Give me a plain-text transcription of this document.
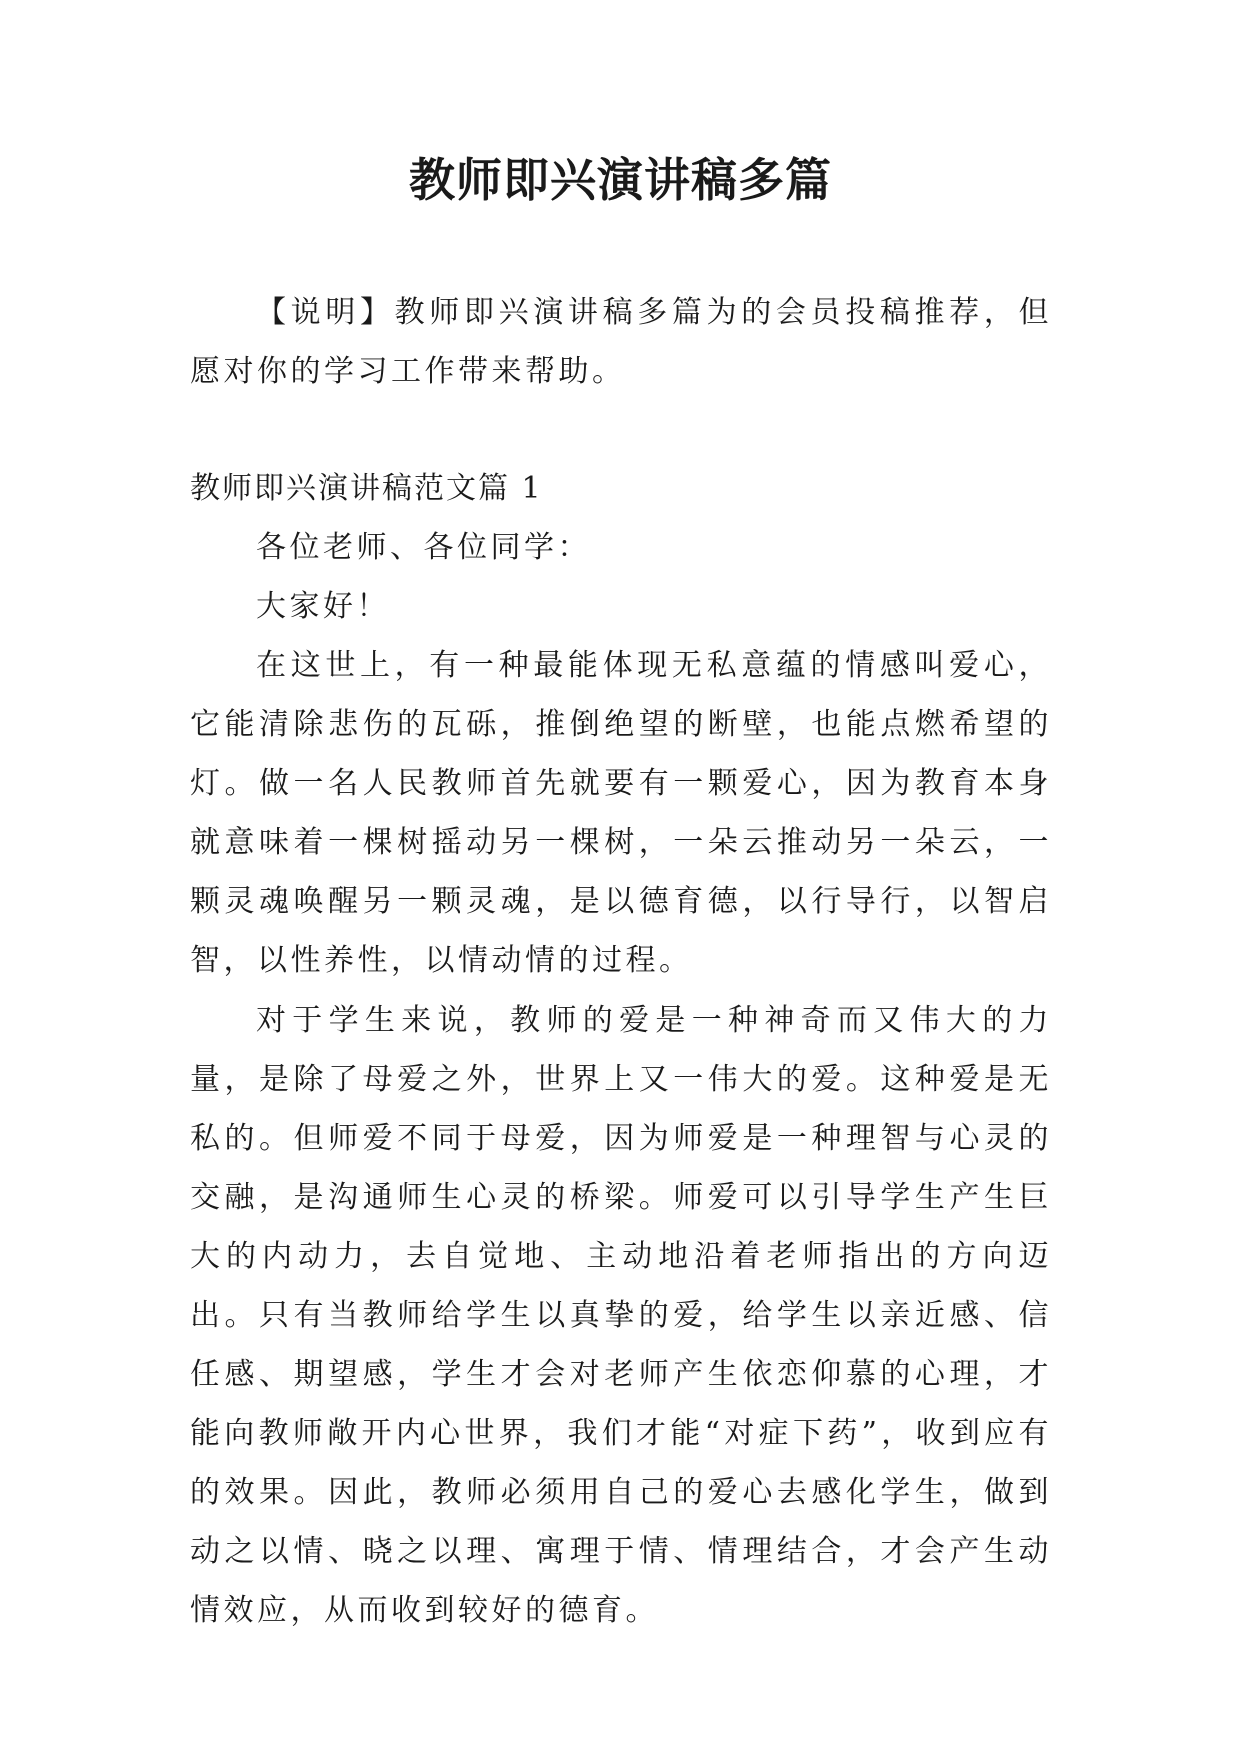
教师即兴演讲稿多篇
【说明】教师即兴演讲稿多篇为的会员投稿推荐，但愿对你的学习工作带来帮助。
教师即兴演讲稿范文篇 1
各位老师、各位同学：
大家好！
在这世上，有一种最能体现无私意蕴的情感叫爱心，它能清除悲伤的瓦砾，推倒绝望的断壁，也能点燃希望的灯。做一名人民教师首先就要有一颗爱心，因为教育本身就意味着一棵树摇动另一棵树，一朵云推动另一朵云，一颗灵魂唤醒另一颗灵魂，是以德育德，以行导行，以智启智，以性养性，以情动情的过程。
对于学生来说，教师的爱是一种神奇而又伟大的力量，是除了母爱之外，世界上又一伟大的爱。这种爱是无私的。但师爱不同于母爱，因为师爱是一种理智与心灵的交融，是沟通师生心灵的桥梁。师爱可以引导学生产生巨大的内动力，去自觉地、主动地沿着老师指出的方向迈出。只有当教师给学生以真挚的爱，给学生以亲近感、信任感、期望感，学生才会对老师产生依恋仰慕的心理，才能向教师敞开内心世界，我们才能“对症下药”，收到应有的效果。因此，教师必须用自己的爱心去感化学生，做到动之以情、晓之以理、寓理于情、情理结合，才会产生动情效应，从而收到较好的德育。
